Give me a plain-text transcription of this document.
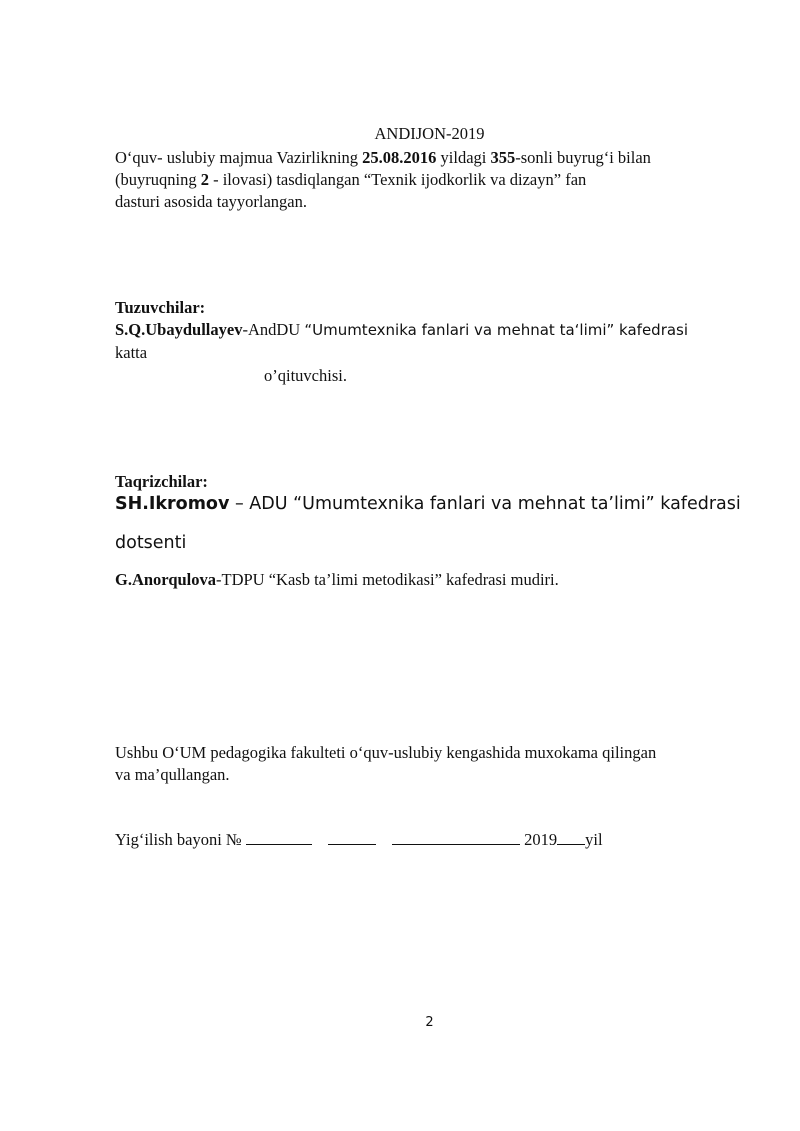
ANDIJON-2019
O‘quv- uslubiy majmua Vazirlikning 25.08.2016 yildagi 355-sonli buyrug‘i bilan
(buyruqning 2 - ilovasi) tasdiqlangan “Texnik ijodkorlik va dizayn” fan
dasturi asosida tayyorlangan.
Tuzuvchilar:
S.Q.Ubaydullayev-AndDU “Umumtexnika fanlari va mehnat ta‘limi” kafedrasi
katta
o’qituvchisi.
Taqrizchilar:
SH.Ikromov – ADU “Umumtexnika fanlari va mehnat ta’limi” kafedrasi
dotsenti
G.Anorqulova-TDPU “Kasb ta’limi metodikasi” kafedrasi mudiri.
Ushbu O‘UM pedagogika fakulteti o‘quv-uslubiy kengashida muxokama qilingan
va ma’qullangan.
Yig‘ilish bayoni №	2019 yil
2
